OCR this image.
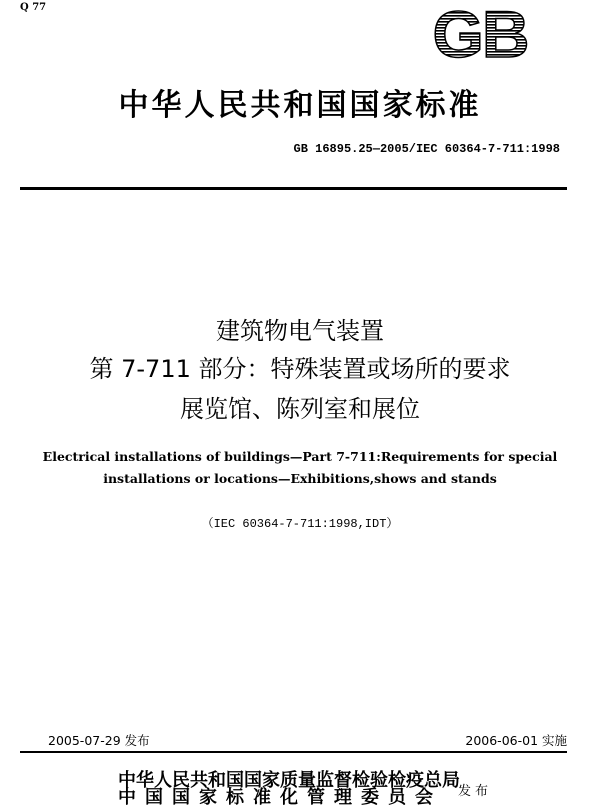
Q 77	GB
中华人民共和国国家标准
GB 16895.25—2005/IEC 60364-7-711:1998
建筑物电气装置
第 7-711 部分：特殊装置或场所的要求
展览馆、陈列室和展位
Electrical installations of buildings—Part 7-711:Requirements for special
installations or locations—Exhibitions,shows and stands
（IEC 60364-7-711:1998,IDT）
2005-07-29 发布	2006-06-01 实施
中华人民共和国国家质量监督检验检疫总局
中国国家标准化管理委员会	发布
